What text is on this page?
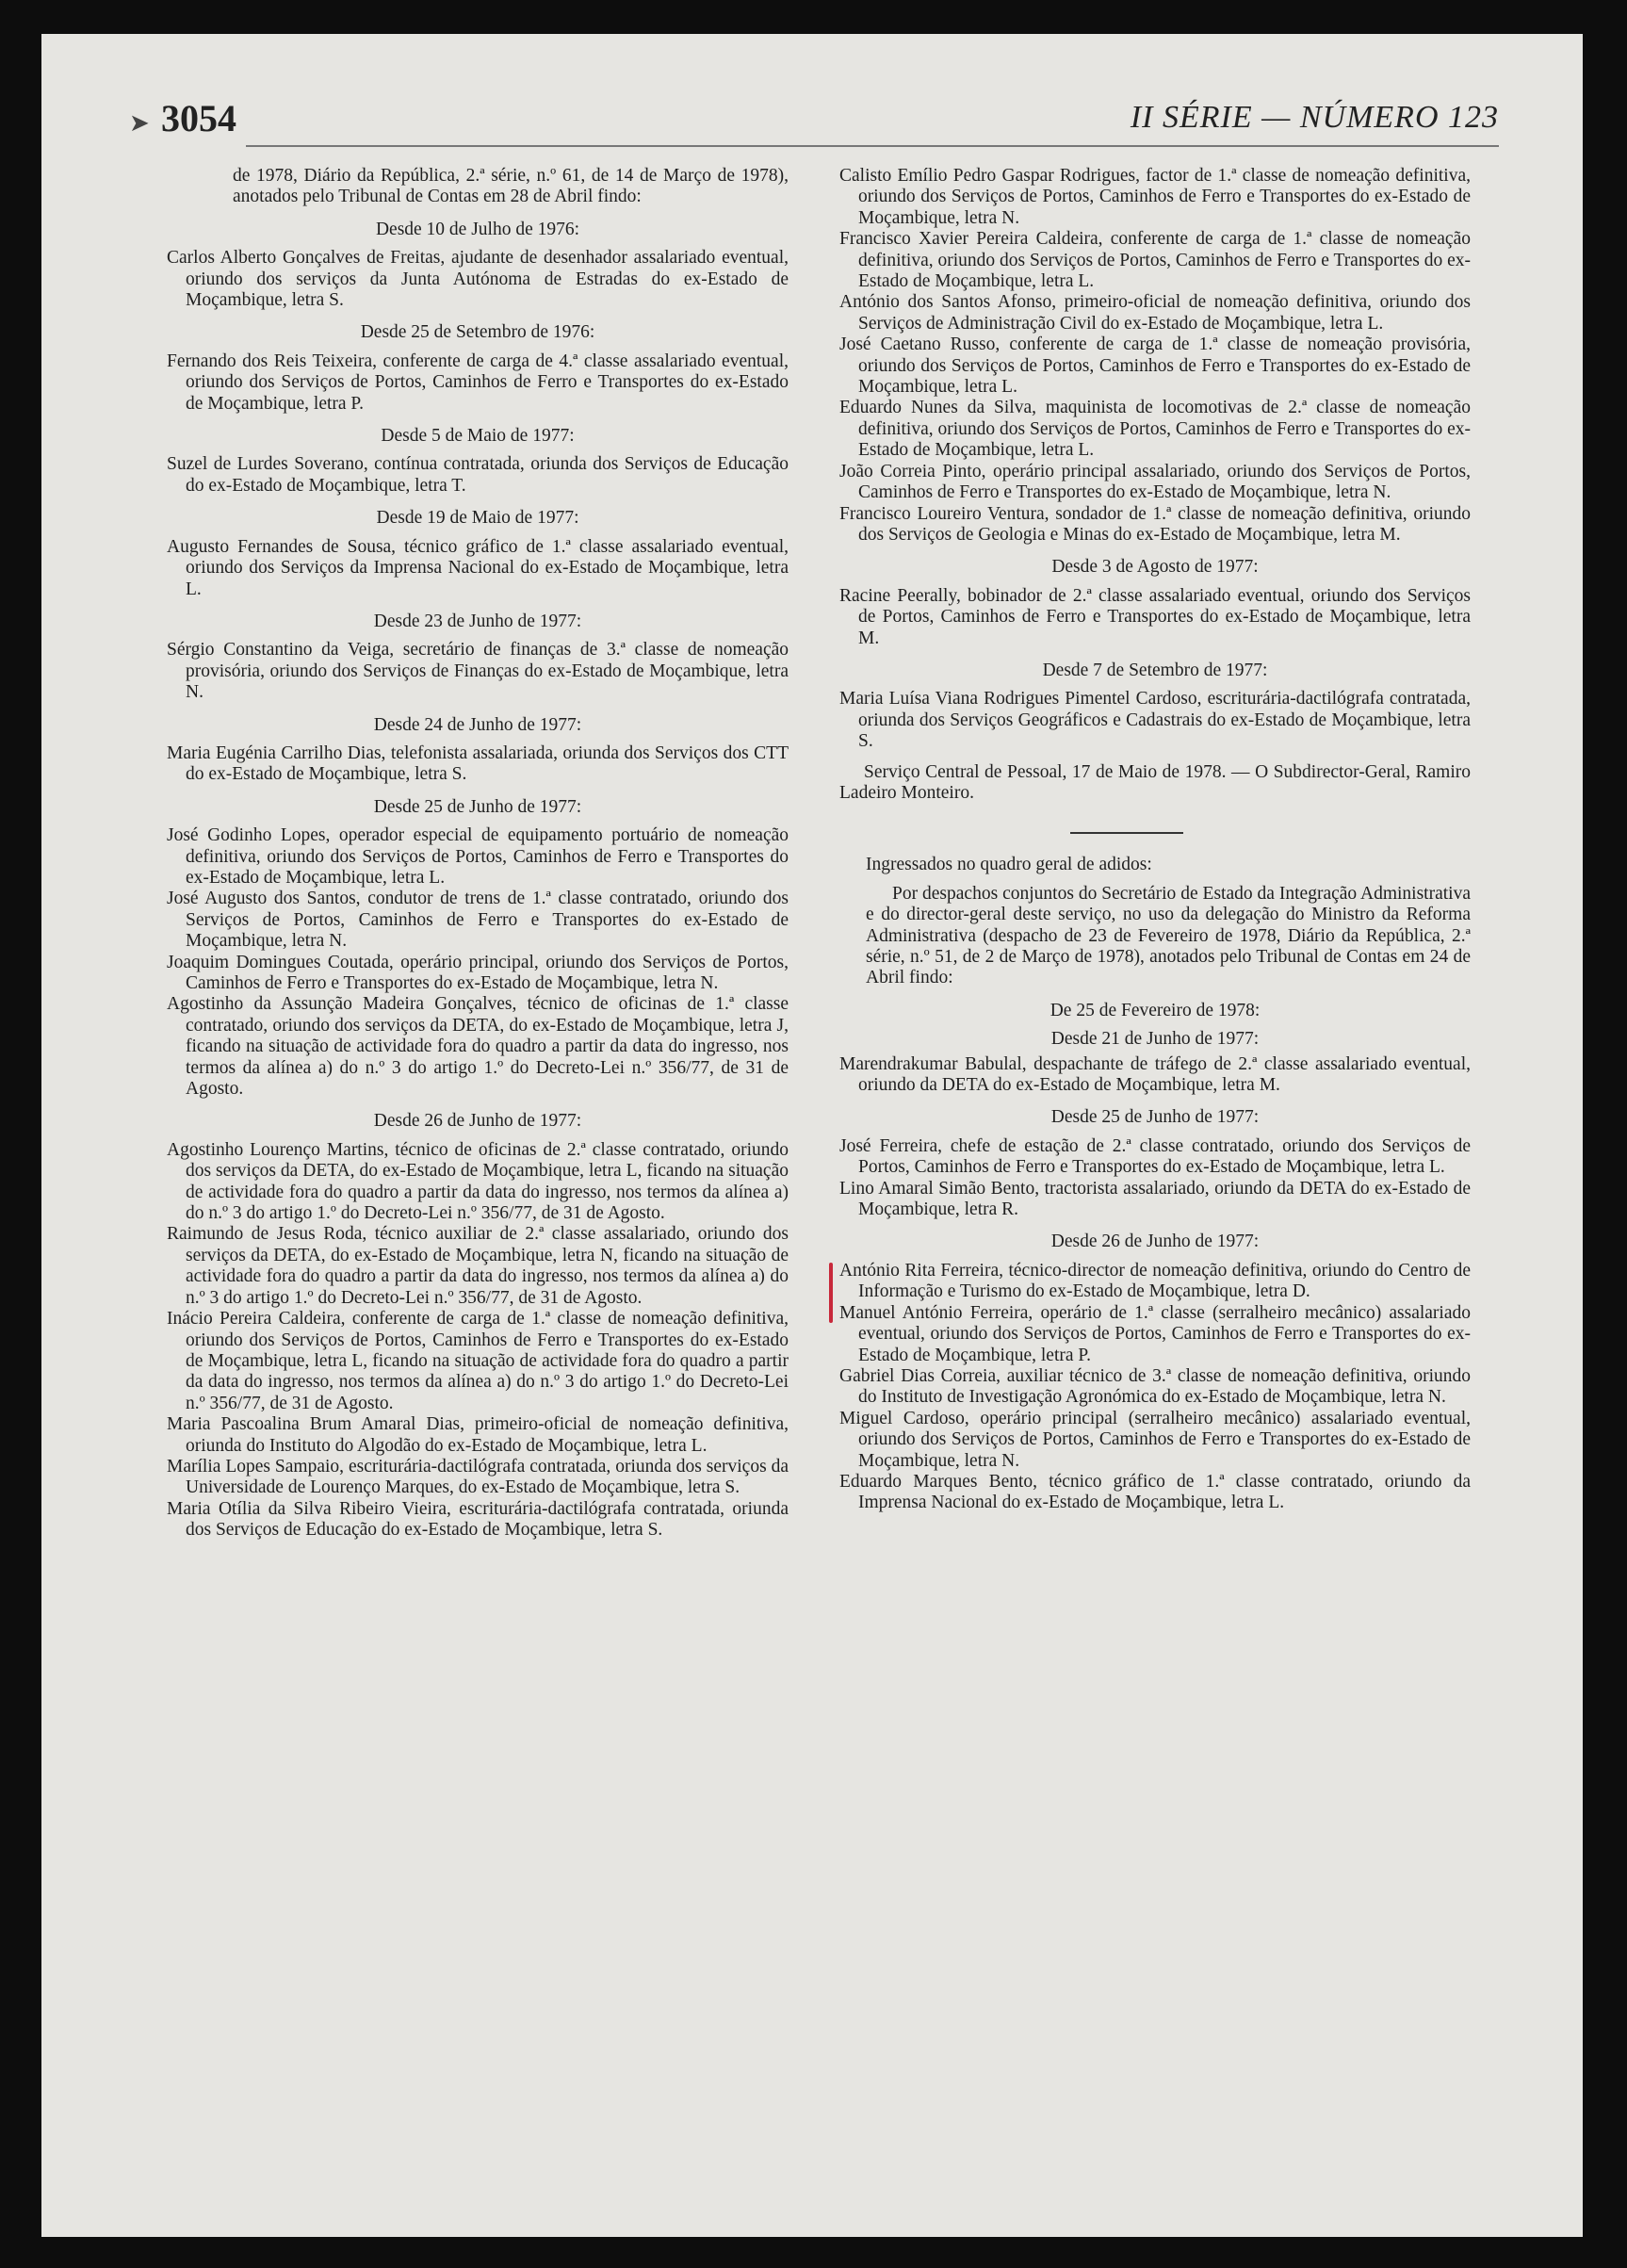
➤ 3054	II SÉRIE — NÚMERO 123

de 1978, Diário da República, 2.ª série, n.º 61, de 14 de Março de 1978), anotados pelo Tribunal de Contas em 28 de Abril findo:

Desde 10 de Julho de 1976:

Carlos Alberto Gonçalves de Freitas, ajudante de desenhador assalariado eventual, oriundo dos serviços da Junta Autónoma de Estradas do ex-Estado de Moçambique, letra S.

Desde 25 de Setembro de 1976:

Fernando dos Reis Teixeira, conferente de carga de 4.ª classe assalariado eventual, oriundo dos Serviços de Portos, Caminhos de Ferro e Transportes do ex-Estado de Moçambique, letra P.

Desde 5 de Maio de 1977:

Suzel de Lurdes Soverano, contínua contratada, oriunda dos Serviços de Educação do ex-Estado de Moçambique, letra T.

Desde 19 de Maio de 1977:

Augusto Fernandes de Sousa, técnico gráfico de 1.ª classe assalariado eventual, oriundo dos Serviços da Imprensa Nacional do ex-Estado de Moçambique, letra L.

Desde 23 de Junho de 1977:

Sérgio Constantino da Veiga, secretário de finanças de 3.ª classe de nomeação provisória, oriundo dos Serviços de Finanças do ex-Estado de Moçambique, letra N.

Desde 24 de Junho de 1977:

Maria Eugénia Carrilho Dias, telefonista assalariada, oriunda dos Serviços dos CTT do ex-Estado de Moçambique, letra S.

Desde 25 de Junho de 1977:

José Godinho Lopes, operador especial de equipamento portuário de nomeação definitiva, oriundo dos Serviços de Portos, Caminhos de Ferro e Transportes do ex-Estado de Moçambique, letra L.

José Augusto dos Santos, condutor de trens de 1.ª classe contratado, oriundo dos Serviços de Portos, Caminhos de Ferro e Transportes do ex-Estado de Moçambique, letra N.

Joaquim Domingues Coutada, operário principal, oriundo dos Serviços de Portos, Caminhos de Ferro e Transportes do ex-Estado de Moçambique, letra N.

Agostinho da Assunção Madeira Gonçalves, técnico de oficinas de 1.ª classe contratado, oriundo dos serviços da DETA, do ex-Estado de Moçambique, letra J, ficando na situação de actividade fora do quadro a partir da data do ingresso, nos termos da alínea a) do n.º 3 do artigo 1.º do Decreto-Lei n.º 356/77, de 31 de Agosto.

Desde 26 de Junho de 1977:

Agostinho Lourenço Martins, técnico de oficinas de 2.ª classe contratado, oriundo dos serviços da DETA, do ex-Estado de Moçambique, letra L, ficando na situação de actividade fora do quadro a partir da data do ingresso, nos termos da alínea a) do n.º 3 do artigo 1.º do Decreto-Lei n.º 356/77, de 31 de Agosto.

Raimundo de Jesus Roda, técnico auxiliar de 2.ª classe assalariado, oriundo dos serviços da DETA, do ex-Estado de Moçambique, letra N, ficando na situação de actividade fora do quadro a partir da data do ingresso, nos termos da alínea a) do n.º 3 do artigo 1.º do Decreto-Lei n.º 356/77, de 31 de Agosto.

Inácio Pereira Caldeira, conferente de carga de 1.ª classe de nomeação definitiva, oriundo dos Serviços de Portos, Caminhos de Ferro e Transportes do ex-Estado de Moçambique, letra L, ficando na situação de actividade fora do quadro a partir da data do ingresso, nos termos da alínea a) do n.º 3 do artigo 1.º do Decreto-Lei n.º 356/77, de 31 de Agosto.

Maria Pascoalina Brum Amaral Dias, primeiro-oficial de nomeação definitiva, oriunda do Instituto do Algodão do ex-Estado de Moçambique, letra L.

Marília Lopes Sampaio, escriturária-dactilógrafa contratada, oriunda dos serviços da Universidade de Lourenço Marques, do ex-Estado de Moçambique, letra S.

Maria Otília da Silva Ribeiro Vieira, escriturária-dactilógrafa contratada, oriunda dos Serviços de Educação do ex-Estado de Moçambique, letra S.

Calisto Emílio Pedro Gaspar Rodrigues, factor de 1.ª classe de nomeação definitiva, oriundo dos Serviços de Portos, Caminhos de Ferro e Transportes do ex-Estado de Moçambique, letra N.

Francisco Xavier Pereira Caldeira, conferente de carga de 1.ª classe de nomeação definitiva, oriundo dos Serviços de Portos, Caminhos de Ferro e Transportes do ex-Estado de Moçambique, letra L.

António dos Santos Afonso, primeiro-oficial de nomeação definitiva, oriundo dos Serviços de Administração Civil do ex-Estado de Moçambique, letra L.

José Caetano Russo, conferente de carga de 1.ª classe de nomeação provisória, oriundo dos Serviços de Portos, Caminhos de Ferro e Transportes do ex-Estado de Moçambique, letra L.

Eduardo Nunes da Silva, maquinista de locomotivas de 2.ª classe de nomeação definitiva, oriundo dos Serviços de Portos, Caminhos de Ferro e Transportes do ex-Estado de Moçambique, letra L.

João Correia Pinto, operário principal assalariado, oriundo dos Serviços de Portos, Caminhos de Ferro e Transportes do ex-Estado de Moçambique, letra N.

Francisco Loureiro Ventura, sondador de 1.ª classe de nomeação definitiva, oriundo dos Serviços de Geologia e Minas do ex-Estado de Moçambique, letra M.

Desde 3 de Agosto de 1977:

Racine Peerally, bobinador de 2.ª classe assalariado eventual, oriundo dos Serviços de Portos, Caminhos de Ferro e Transportes do ex-Estado de Moçambique, letra M.

Desde 7 de Setembro de 1977:

Maria Luísa Viana Rodrigues Pimentel Cardoso, escriturária-dactilógrafa contratada, oriunda dos Serviços Geográficos e Cadastrais do ex-Estado de Moçambique, letra S.

Serviço Central de Pessoal, 17 de Maio de 1978. — O Subdirector-Geral, Ramiro Ladeiro Monteiro.

Ingressados no quadro geral de adidos:

Por despachos conjuntos do Secretário de Estado da Integração Administrativa e do director-geral deste serviço, no uso da delegação do Ministro da Reforma Administrativa (despacho de 23 de Fevereiro de 1978, Diário da República, 2.ª série, n.º 51, de 2 de Março de 1978), anotados pelo Tribunal de Contas em 24 de Abril findo:

De 25 de Fevereiro de 1978:

Desde 21 de Junho de 1977:

Marendrakumar Babulal, despachante de tráfego de 2.ª classe assalariado eventual, oriundo da DETA do ex-Estado de Moçambique, letra M.

Desde 25 de Junho de 1977:

José Ferreira, chefe de estação de 2.ª classe contratado, oriundo dos Serviços de Portos, Caminhos de Ferro e Transportes do ex-Estado de Moçambique, letra L.

Lino Amaral Simão Bento, tractorista assalariado, oriundo da DETA do ex-Estado de Moçambique, letra R.

Desde 26 de Junho de 1977:

António Rita Ferreira, técnico-director de nomeação definitiva, oriundo do Centro de Informação e Turismo do ex-Estado de Moçambique, letra D.

Manuel António Ferreira, operário de 1.ª classe (serralheiro mecânico) assalariado eventual, oriundo dos Serviços de Portos, Caminhos de Ferro e Transportes do ex-Estado de Moçambique, letra P.

Gabriel Dias Correia, auxiliar técnico de 3.ª classe de nomeação definitiva, oriundo do Instituto de Investigação Agronómica do ex-Estado de Moçambique, letra N.

Miguel Cardoso, operário principal (serralheiro mecânico) assalariado eventual, oriundo dos Serviços de Portos, Caminhos de Ferro e Transportes do ex-Estado de Moçambique, letra N.

Eduardo Marques Bento, técnico gráfico de 1.ª classe contratado, oriundo da Imprensa Nacional do ex-Estado de Moçambique, letra L.
